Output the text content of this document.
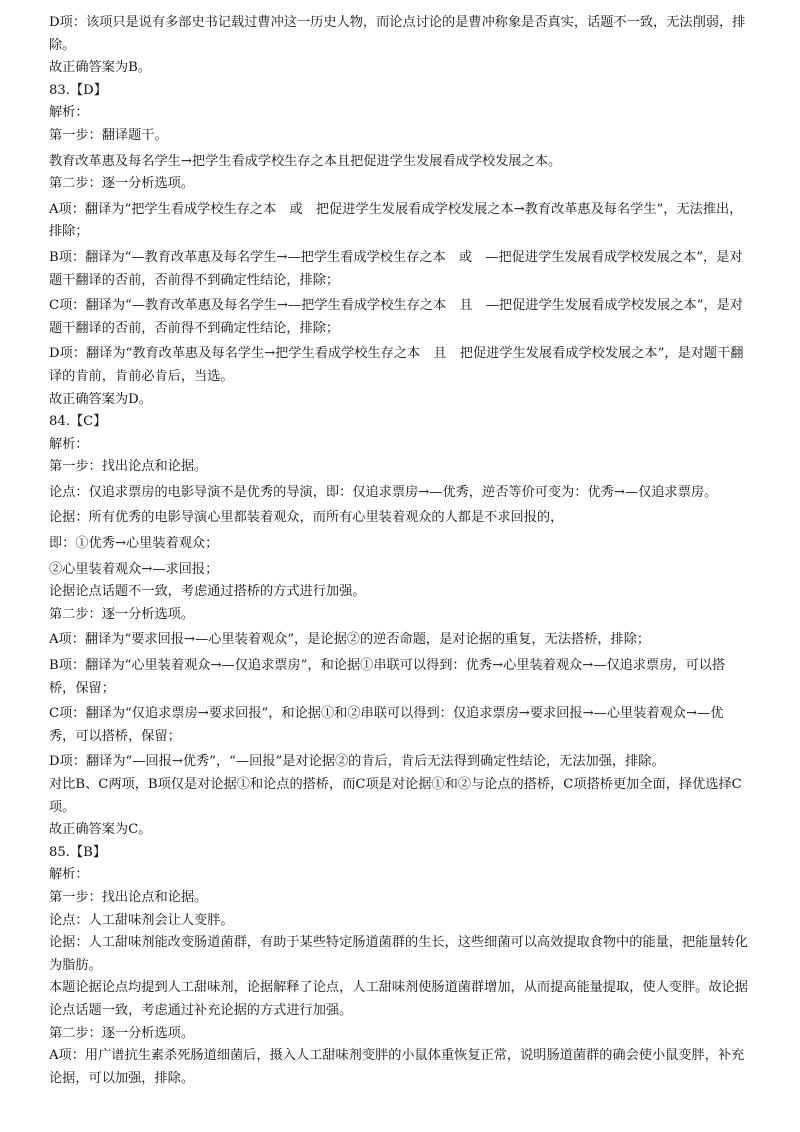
D项：该项只是说有多部史书记载过曹冲这一历史人物，而论点讨论的是曹冲称象是否真实，话题不一致，无法削弱，排除。
故正确答案为B。
83.【D】
解析：
第一步：翻译题干。
教育改革惠及每名学生→把学生看成学校生存之本且把促进学生发展看成学校发展之本。
第二步：逐一分析选项。
A项：翻译为“把学生看成学校生存之本　或　把促进学生发展看成学校发展之本→教育改革惠及每名学生”，无法推出，排除；
B项：翻译为“—教育改革惠及每名学生→—把学生看成学校生存之本　或　—把促进学生发展看成学校发展之本”，是对题干翻译的否前，否前得不到确定性结论，排除；
C项：翻译为“—教育改革惠及每名学生→—把学生看成学校生存之本　且　—把促进学生发展看成学校发展之本”，是对题干翻译的否前，否前得不到确定性结论，排除；
D项：翻译为“教育改革惠及每名学生→把学生看成学校生存之本　且　把促进学生发展看成学校发展之本”，是对题干翻译的肯前，肯前必肯后，当选。
故正确答案为D。
84.【C】
解析：
第一步：找出论点和论据。
论点：仅追求票房的电影导演不是优秀的导演，即：仅追求票房→—优秀，逆否等价可变为：优秀→—仅追求票房。
论据：所有优秀的电影导演心里都装着观众，而所有心里装着观众的人都是不求回报的，
即：①优秀→心里装着观众；
②心里装着观众→—求回报；
论据论点话题不一致，考虑通过搭桥的方式进行加强。
第二步：逐一分析选项。
A项：翻译为“要求回报→—心里装着观众”，是论据②的逆否命题，是对论据的重复，无法搭桥，排除；
B项：翻译为“心里装着观众→—仅追求票房”，和论据①串联可以得到：优秀→心里装着观众→—仅追求票房，可以搭桥，保留；
C项：翻译为“仅追求票房→要求回报”，和论据①和②串联可以得到：仅追求票房→要求回报→—心里装着观众→—优秀，可以搭桥，保留；
D项：翻译为“—回报→优秀”，“—回报”是对论据②的肯后，肯后无法得到确定性结论，无法加强，排除。
对比B、C两项，B项仅是对论据①和论点的搭桥，而C项是对论据①和②与论点的搭桥，C项搭桥更加全面，择优选择C项。
故正确答案为C。
85.【B】
解析：
第一步：找出论点和论据。
论点：人工甜味剂会让人变胖。
论据：人工甜味剂能改变肠道菌群，有助于某些特定肠道菌群的生长，这些细菌可以高效提取食物中的能量，把能量转化为脂肪。
本题论据论点均提到人工甜味剂，论据解释了论点，人工甜味剂使肠道菌群增加，从而提高能量提取，使人变胖。故论据论点话题一致，考虑通过补充论据的方式进行加强。
第二步：逐一分析选项。
A项：用广谱抗生素杀死肠道细菌后，摄入人工甜味剂变胖的小鼠体重恢复正常，说明肠道菌群的确会使小鼠变胖，补充论据，可以加强，排除。
